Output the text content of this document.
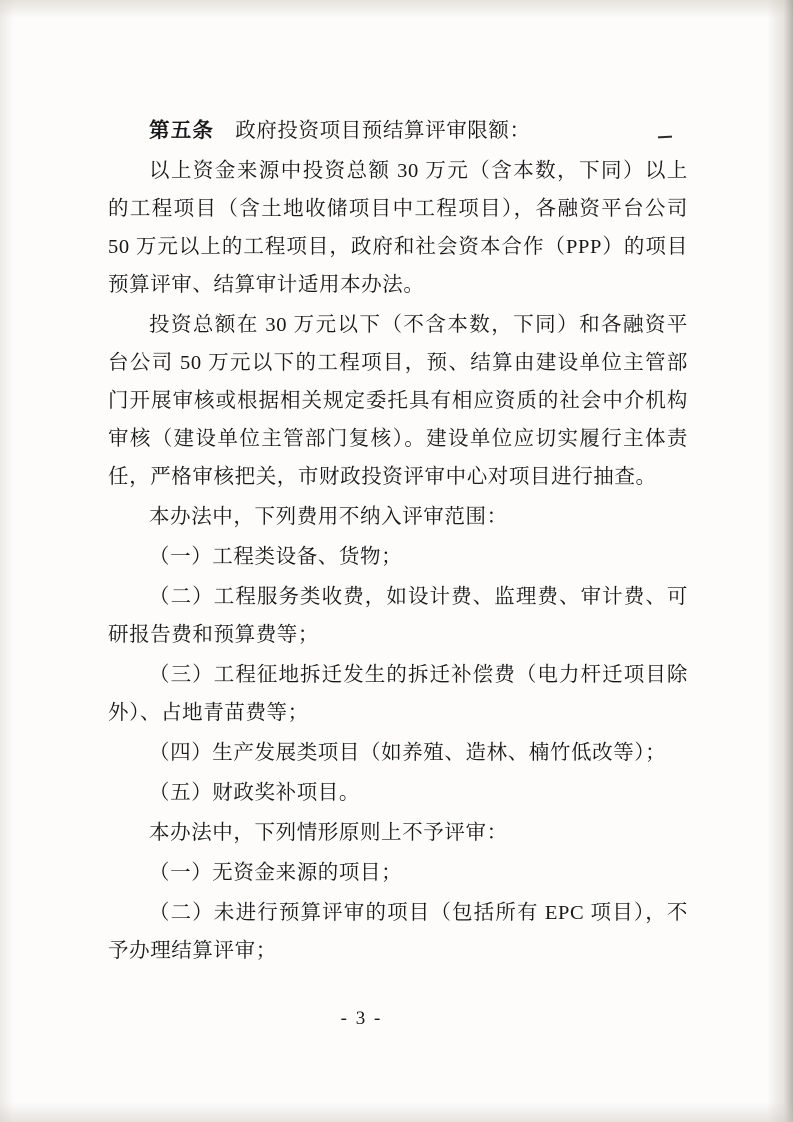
第五条　政府投资项目预结算评审限额：

以上资金来源中投资总额 30 万元（含本数，下同）以上的工程项目（含土地收储项目中工程项目），各融资平台公司 50 万元以上的工程项目，政府和社会资本合作（PPP）的项目预算评审、结算审计适用本办法。

投资总额在 30 万元以下（不含本数，下同）和各融资平台公司 50 万元以下的工程项目，预、结算由建设单位主管部门开展审核或根据相关规定委托具有相应资质的社会中介机构审核（建设单位主管部门复核）。建设单位应切实履行主体责任，严格审核把关，市财政投资评审中心对项目进行抽查。

本办法中，下列费用不纳入评审范围：

（一）工程类设备、货物；

（二）工程服务类收费，如设计费、监理费、审计费、可研报告费和预算费等；

（三）工程征地拆迁发生的拆迁补偿费（电力杆迁项目除外）、占地青苗费等；

（四）生产发展类项目（如养殖、造林、楠竹低改等）；

（五）财政奖补项目。

本办法中，下列情形原则上不予评审：

（一）无资金来源的项目；

（二）未进行预算评审的项目（包括所有 EPC 项目），不予办理结算评审；

- 3 -
